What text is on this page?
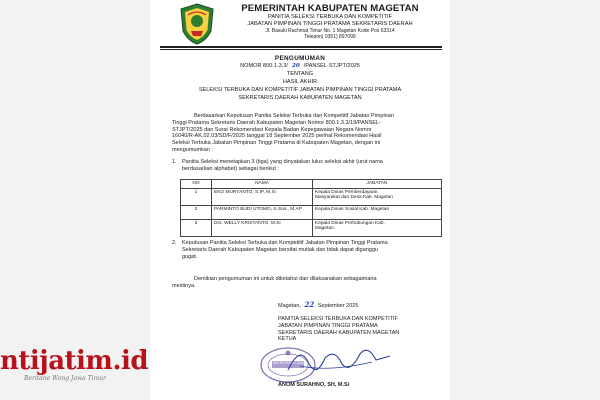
PEMERINTAH KABUPATEN MAGETAN
PANITIA SELEKSI TERBUKA DAN KOMPETITIF
JABATAN PIMPINAN TINGGI PRATAMA SEKRETARIS DAERAH
Jl. Basuki Rachmat Timur No. 1 Magetan Kode Pos 63314
Telepon( 0351) 897099
PENGUMUMAN
NOMOR 800.1.3.3/ 20 /PANSEL-STJPT/2025
TENTANG
HASIL AKHIR
SELEKSI TERBUKA DAN KOMPETITIF JABATAN PIMPINAN TINGGI PRATAMA
SEKRETARIS DAERAH KABUPATEN MAGETAN
Berdasarkan Keputusan Panitia Seleksi Terbuka dan Kompetitif Jabatan Pimpinan
Tinggi Pratama Sekretaris Daerah Kabupaten Magetan Nomor 800.1.3.3/19/PANSEL-
STJPT/2025 dan Surat Rekomendasi Kepala Badan Kepegawaian Negara Nomor
16040/R-AK.02.03/SD/F/2025 tanggal 18 September 2025 perihal Rekomendasi Hasil
Seleksi Terbuka Jabatan Pimpinan Tinggi Pratama di Kabupaten Magetan, dengan ini
mengumumkan :
1. Panitia Seleksi menetapkan 3 (tiga) yang dinyatakan lulus seleksi akhir (urut nama
berdasarkan alphabet) sebagai berikut :
NO	NAMA	JABATAN
1	EKO MURYANTO, S.IP, M.Si	Kepala Dinas Pemberdayaan
Masyarakat dan Desa Kab. Magetan

2	PARMINTO BUDI UTOMO, S.Sos., M.AP	Kepala Dinas Sosial Kab. Magetan

3	Drs. WELLY KRISTANTO, M.Si	Kepala Dinas Perhubungan Kab.
Magetan.
2. Keputusan Panitia Seleksi Terbuka dan Kompetitif Jabatan Pimpinan Tinggi Pratama
Sekretaris Daerah Kabupaten Magetan bersifat mutlak dan tidak dapat diganggu
gugat.
Demikian pengumuman ini untuk diketahui dan dilaksanakan sebagaimana
mestinya.
Magetan, 22 September 2025
PANITIA SELEKSI TERBUKA DAN KOMPETITIF
JABATAN PIMPINAN TINGGI PRATAMA
SEKRETARIS DAERAH KABUPATEN MAGETAN
KETUA
SEKRETARIAT DAERAH
ANOM SURAHNO, SH, M.Si
ntijatim.id
Beritane Wong Jawa Timur
